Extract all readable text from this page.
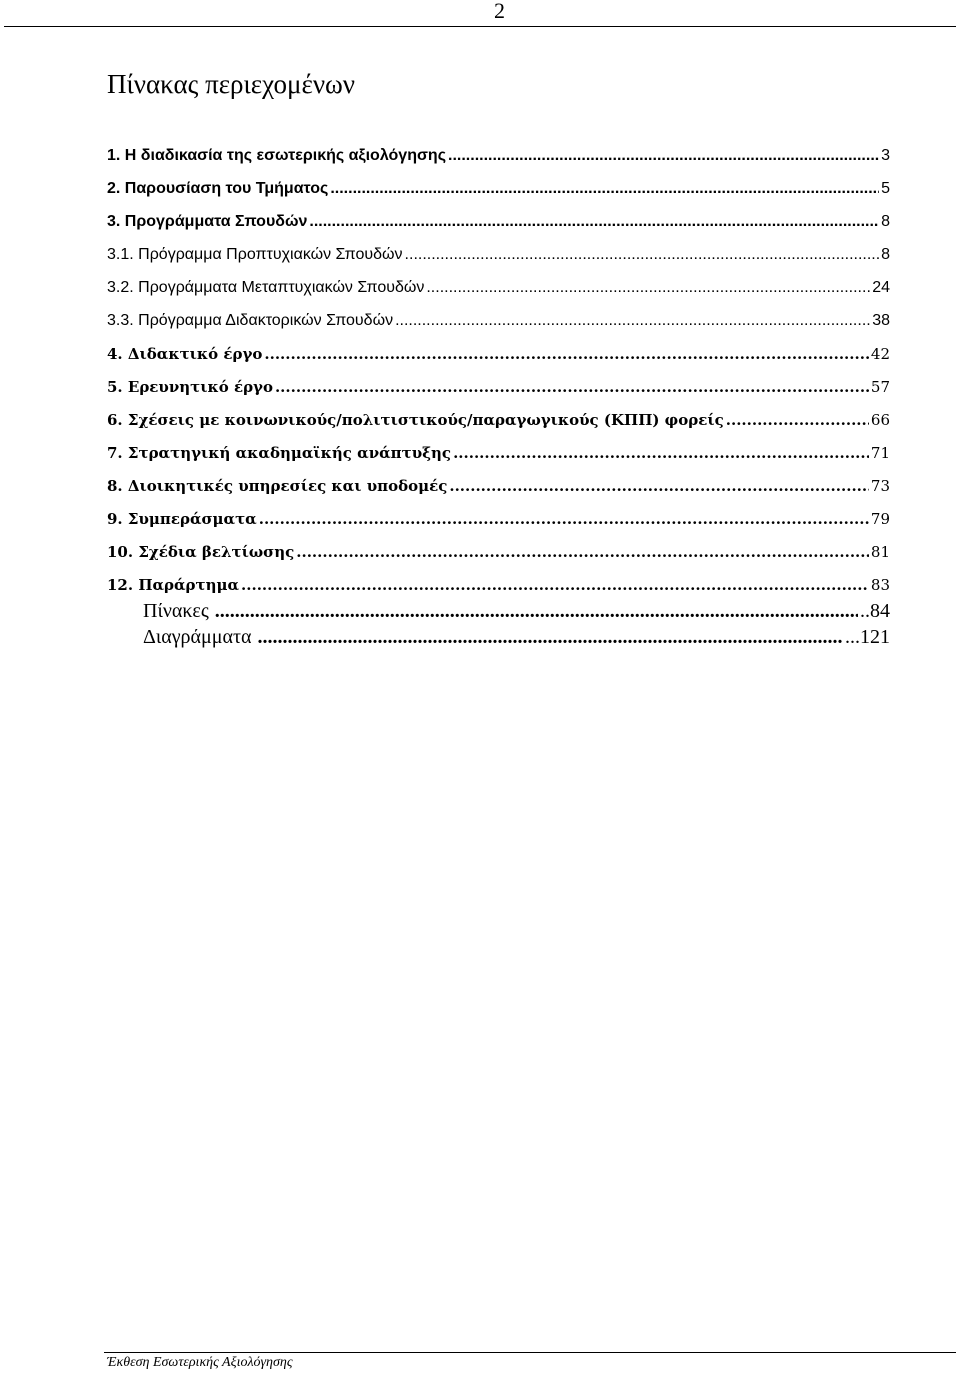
2
Πίνακας περιεχομένων
1. Η διαδικασία της εσωτερικής αξιολόγησης .....	3
2. Παρουσίαση του Τμήματος .....	5
3. Προγράμματα Σπουδών .....	8
3.1. Πρόγραμμα Προπτυχιακών Σπουδών .....	8
3.2. Προγράμματα Μεταπτυχιακών Σπουδών .....	24
3.3. Πρόγραμμα Διδακτορικών Σπουδών .....	38
4. Διδακτικό έργο .....	42
5. Ερευνητικό έργο .....	57
6. Σχέσεις με κοινωνικούς/πολιτιστικούς/παραγωγικούς (ΚΠΠ) φορείς .....	66
7. Στρατηγική ακαδημαϊκής ανάπτυξης .....	71
8. Διοικητικές υπηρεσίες και υποδομές .....	73
9. Συμπεράσματα .....	79
10. Σχέδια βελτίωσης .....	81
12. Παράρτημα .....	83
Πίνακες .....	..84
Διαγράμματα .....	...121
Έκθεση Εσωτερικής Αξιολόγησης
